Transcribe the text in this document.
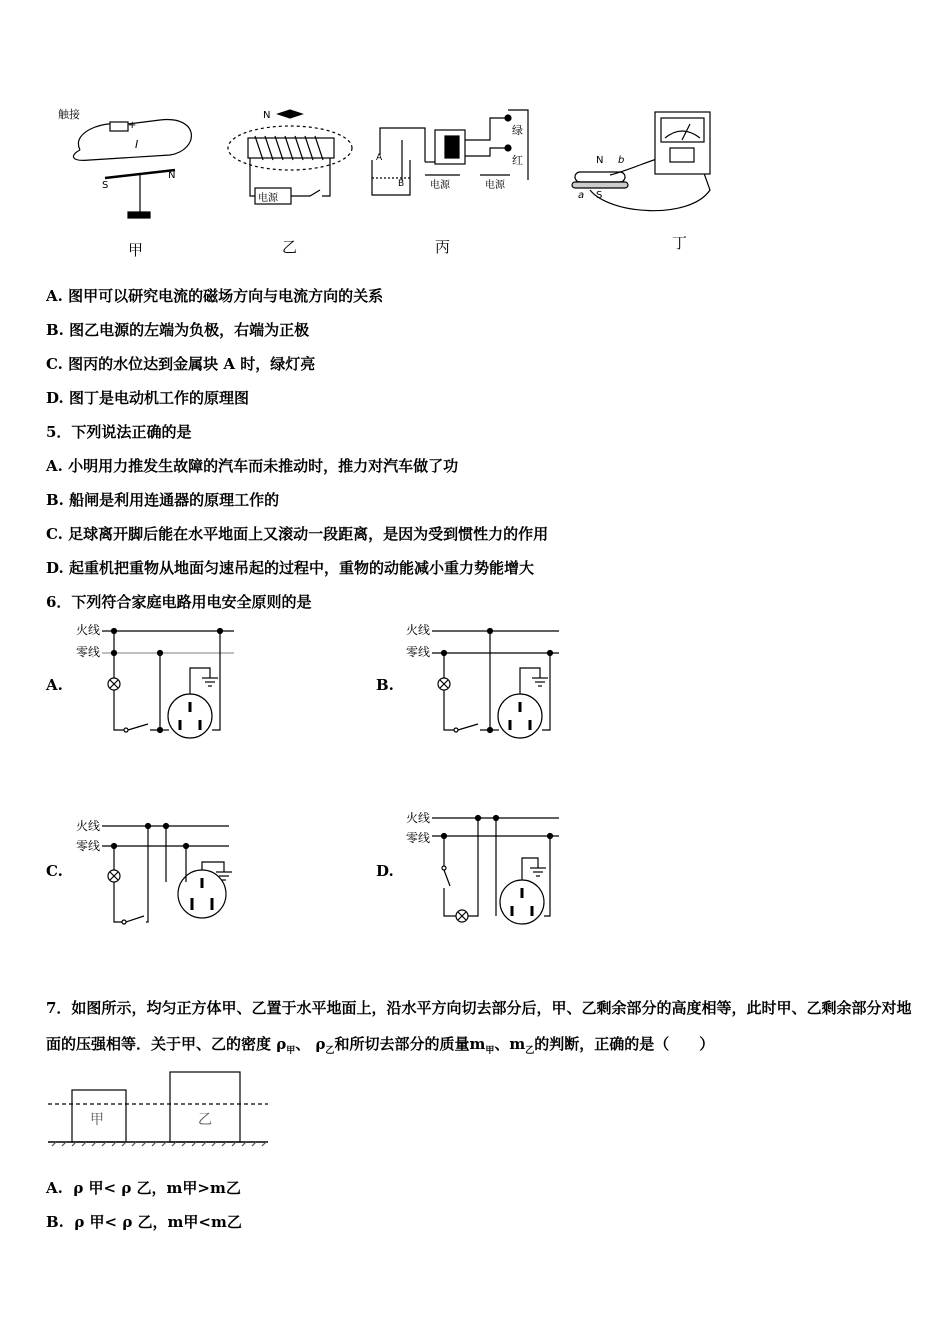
触接
+
I
S
N
甲
N
电源
乙
A
B
绿
红
电源	电源
丙
N
S
a
b
丁
A. 图甲可以研究电流的磁场方向与电流方向的关系
B. 图乙电源的左端为负极，右端为正极
C. 图丙的水位达到金属块 A 时，绿灯亮
D. 图丁是电动机工作的原理图
5．下列说法正确的是
A. 小明用力推发生故障的汽车而未推动时，推力对汽车做了功
B. 船闸是利用连通器的原理工作的
C. 足球离开脚后能在水平地面上又滚动一段距离，是因为受到惯性力的作用
D. 起重机把重物从地面匀速吊起的过程中，重物的动能减小重力势能增大
6．下列符合家庭电路用电安全原则的是
A.	B.
C.	D.
火线
零线
火线
零线
火线
零线
火线
零线
7．如图所示，均匀正方体甲、乙置于水平地面上，沿水平方向切去部分后，甲、乙剩余部分的高度相等，此时甲、乙剩余部分对地面的压强相等．关于甲、乙的密度 $\rho_甲$、 $\rho_乙$和所切去部分的质量$m_甲$、$m_乙$的判断，正确的是（　　）
甲	乙
A. ρ 甲< ρ 乙，m甲>m乙
B. ρ 甲< ρ 乙，m甲<m乙
